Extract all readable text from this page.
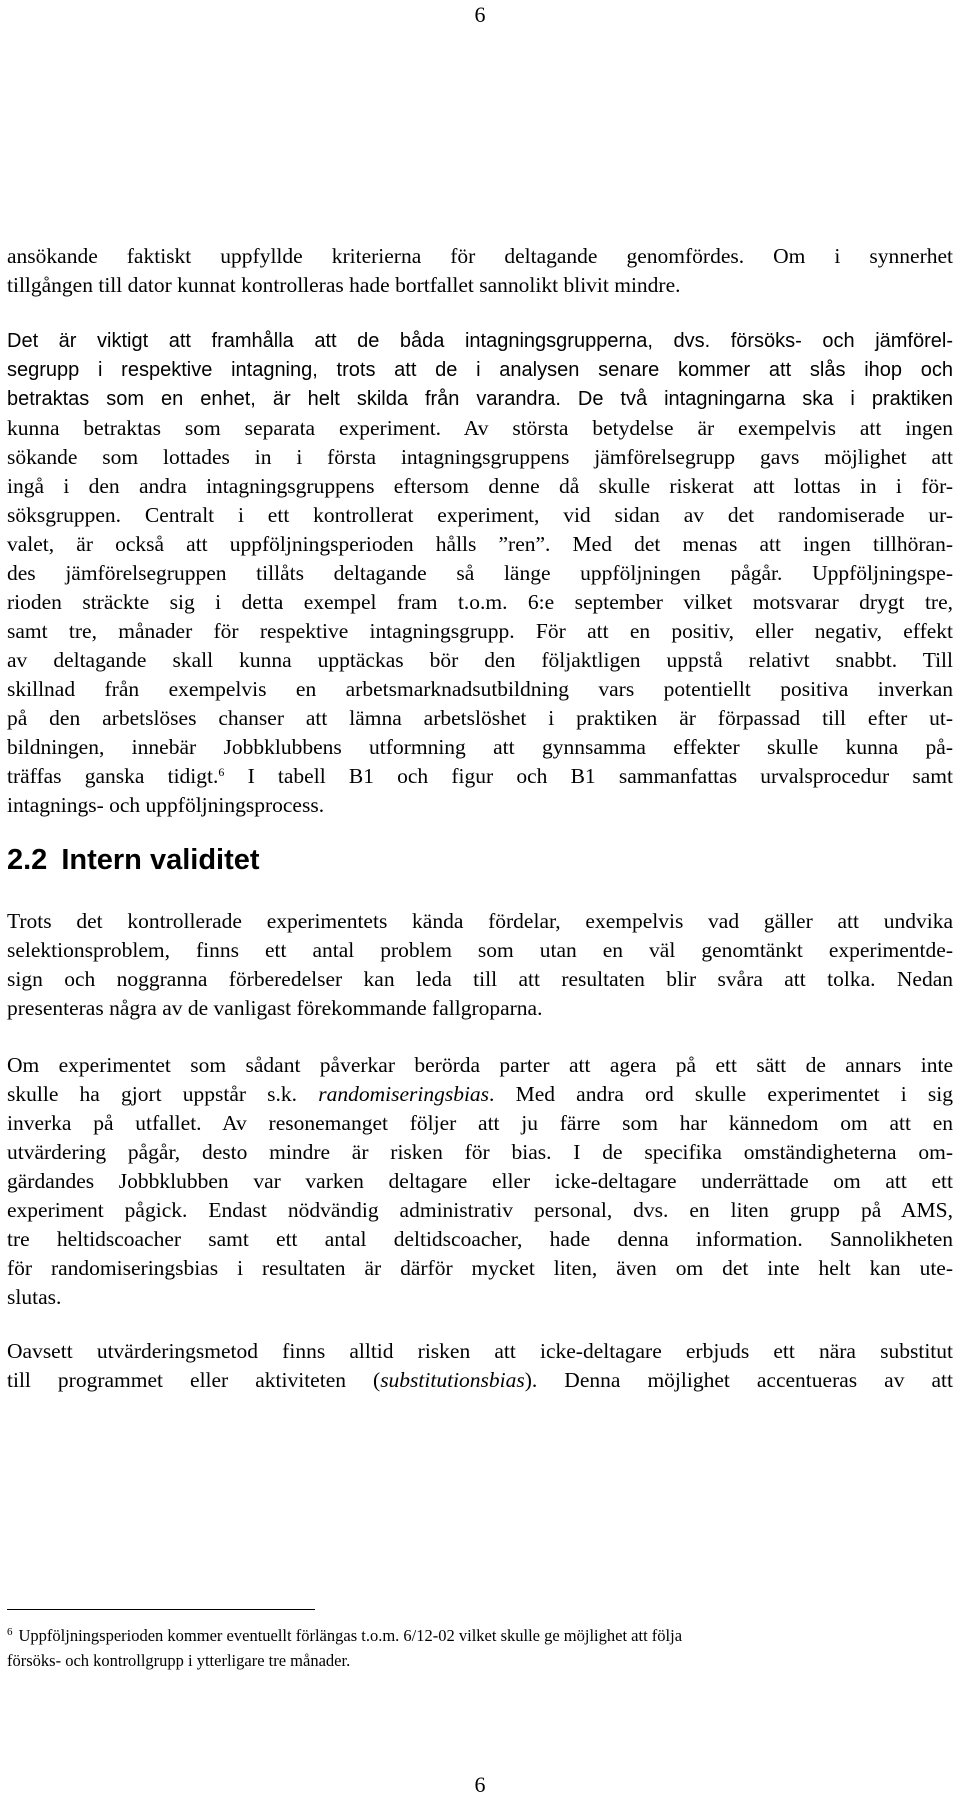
6
ansökande faktiskt uppfyllde kriterierna för deltagande genomfördes. Om i synnerhet
tillgången till dator kunnat kontrolleras hade bortfallet sannolikt blivit mindre.
Det är viktigt att framhålla att de båda intagningsgrupperna, dvs. försöks- och jämförel-
segrupp i respektive intagning, trots att de i analysen senare kommer att slås ihop och
betraktas som en enhet, är helt skilda från varandra. De två intagningarna ska i praktiken
kunna betraktas som separata experiment. Av största betydelse är exempelvis att ingen
sökande som lottades in i första intagningsgruppens jämförelsegrupp gavs möjlighet att
ingå i den andra intagningsgruppens eftersom denne då skulle riskerat att lottas in i för-
söksgruppen. Centralt i ett kontrollerat experiment, vid sidan av det randomiserade ur-
valet, är också att uppföljningsperioden hålls ”ren”. Med det menas att ingen tillhöran-
des jämförelsegruppen tillåts deltagande så länge uppföljningen pågår. Uppföljningspe-
rioden sträckte sig i detta exempel fram t.o.m. 6:e september vilket motsvarar drygt tre,
samt tre, månader för respektive intagningsgrupp. För att en positiv, eller negativ, effekt
av deltagande skall kunna upptäckas bör den följaktligen uppstå relativt snabbt. Till
skillnad från exempelvis en arbetsmarknadsutbildning vars potentiellt positiva inverkan
på den arbetslöses chanser att lämna arbetslöshet i praktiken är förpassad till efter ut-
bildningen, innebär Jobbklubbens utformning att gynnsamma effekter skulle kunna på-
träffas ganska tidigt.$^6$ I tabell B1 och figur och B1 sammanfattas urvalsprocedur samt
intagnings- och uppföljningsprocess.
2.2 Intern validitet
Trots det kontrollerade experimentets kända fördelar, exempelvis vad gäller att undvika
selektionsproblem, finns ett antal problem som utan en väl genomtänkt experimentde-
sign och noggranna förberedelser kan leda till att resultaten blir svåra att tolka. Nedan
presenteras några av de vanligast förekommande fallgroparna.
Om experimentet som sådant påverkar berörda parter att agera på ett sätt de annars inte
skulle ha gjort uppstår s.k. randomiseringsbias. Med andra ord skulle experimentet i sig
inverka på utfallet. Av resonemanget följer att ju färre som har kännedom om att en
utvärdering pågår, desto mindre är risken för bias. I de specifika omständigheterna om-
gärdandes Jobbklubben var varken deltagare eller icke-deltagare underrättade om att ett
experiment pågick. Endast nödvändig administrativ personal, dvs. en liten grupp på AMS,
tre heltidscoacher samt ett antal deltidscoacher, hade denna information. Sannolikheten
för randomiseringsbias i resultaten är därför mycket liten, även om det inte helt kan ute-
slutas.
Oavsett utvärderingsmetod finns alltid risken att icke-deltagare erbjuds ett nära substitut
till programmet eller aktiviteten (substitutionsbias). Denna möjlighet accentueras av att
$^6$ Uppföljningsperioden kommer eventuellt förlängas t.o.m. 6/12-02 vilket skulle ge möjlighet att följa
försöks- och kontrollgrupp i ytterligare tre månader.
6
